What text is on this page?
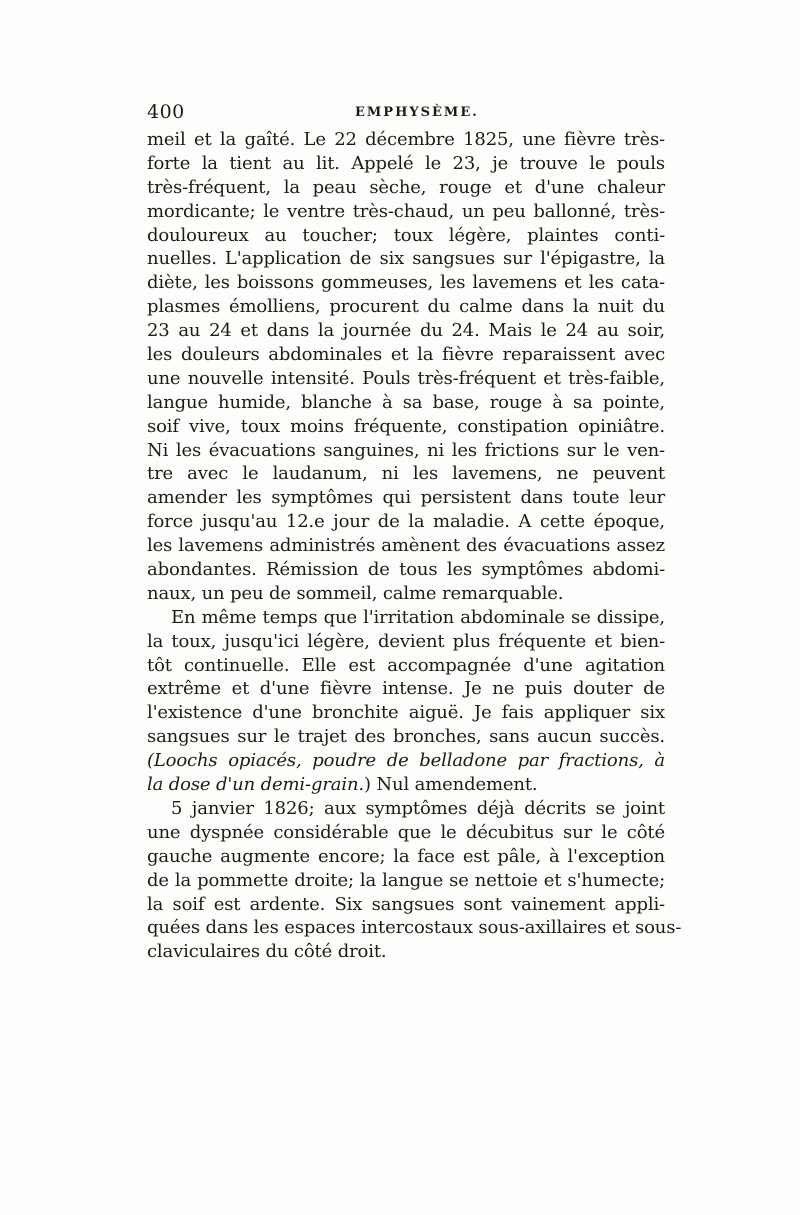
400	EMPHYSÈME.
meil et la gaîté. Le 22 décembre 1825, une fièvre très-
forte la tient au lit. Appelé le 23, je trouve le pouls
très-fréquent, la peau sèche, rouge et d'une chaleur
mordicante; le ventre très-chaud, un peu ballonné, très-
douloureux au toucher; toux légère, plaintes conti-
nuelles. L'application de six sangsues sur l'épigastre, la
diète, les boissons gommeuses, les lavemens et les cata-
plasmes émolliens, procurent du calme dans la nuit du
23 au 24 et dans la journée du 24. Mais le 24 au soir,
les douleurs abdominales et la fièvre reparaissent avec
une nouvelle intensité. Pouls très-fréquent et très-faible,
langue humide, blanche à sa base, rouge à sa pointe,
soif vive, toux moins fréquente, constipation opiniâtre.
Ni les évacuations sanguines, ni les frictions sur le ven-
tre avec le laudanum, ni les lavemens, ne peuvent
amender les symptômes qui persistent dans toute leur
force jusqu'au 12.e jour de la maladie. A cette époque,
les lavemens administrés amènent des évacuations assez
abondantes. Rémission de tous les symptômes abdomi-
naux, un peu de sommeil, calme remarquable.
En même temps que l'irritation abdominale se dissipe,
la toux, jusqu'ici légère, devient plus fréquente et bien-
tôt continuelle. Elle est accompagnée d'une agitation
extrême et d'une fièvre intense. Je ne puis douter de
l'existence d'une bronchite aiguë. Je fais appliquer six
sangsues sur le trajet des bronches, sans aucun succès.
(Loochs opiacés, poudre de belladone par fractions, à
la dose d'un demi-grain.) Nul amendement.
5 janvier 1826; aux symptômes déjà décrits se joint
une dyspnée considérable que le décubitus sur le côté
gauche augmente encore; la face est pâle, à l'exception
de la pommette droite; la langue se nettoie et s'humecte;
la soif est ardente. Six sangsues sont vainement appli-
quées dans les espaces intercostaux sous-axillaires et sous-
claviculaires du côté droit.
